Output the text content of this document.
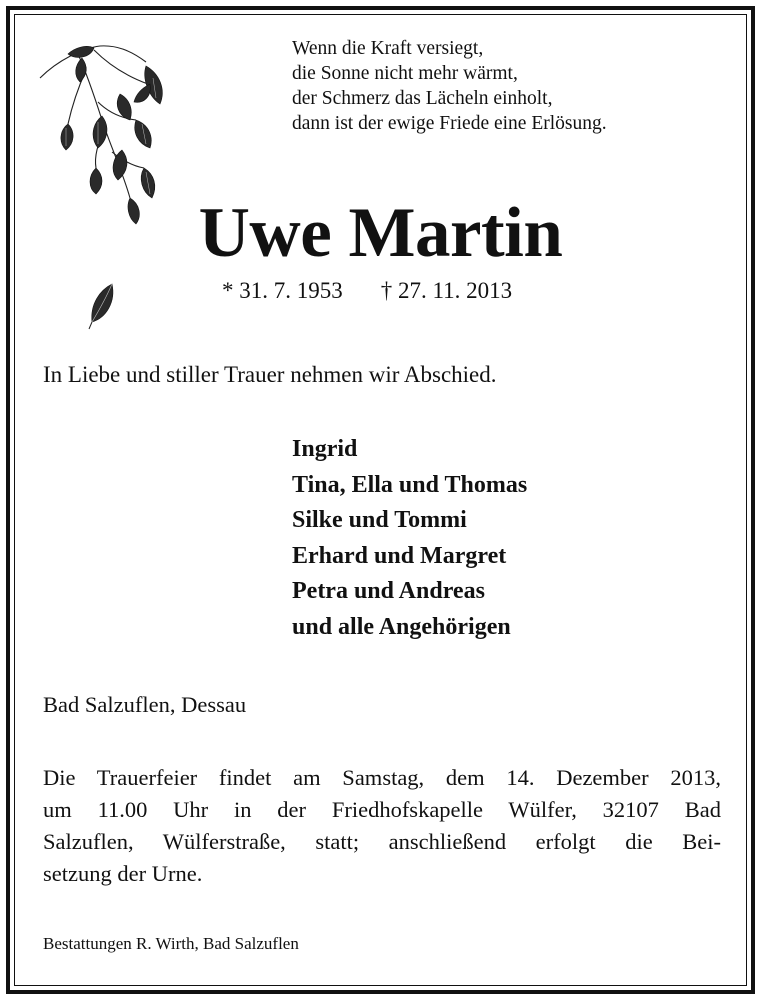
Wenn die Kraft versiegt,
die Sonne nicht mehr wärmt,
der Schmerz das Lächeln einholt,
dann ist der ewige Friede eine Erlösung.
Uwe Martin
* 31. 7. 1953 † 27. 11. 2013
In Liebe und stiller Trauer nehmen wir Abschied.
Ingrid
Tina, Ella und Thomas
Silke und Tommi
Erhard und Margret
Petra und Andreas
und alle Angehörigen
Bad Salzuflen, Dessau
Die Trauerfeier findet am Samstag, dem 14. Dezember 2013,
um 11.00 Uhr in der Friedhofskapelle Wülfer, 32107 Bad
Salzuflen, Wülferstraße, statt; anschließend erfolgt die Bei-
setzung der Urne.
Bestattungen R. Wirth, Bad Salzuflen
